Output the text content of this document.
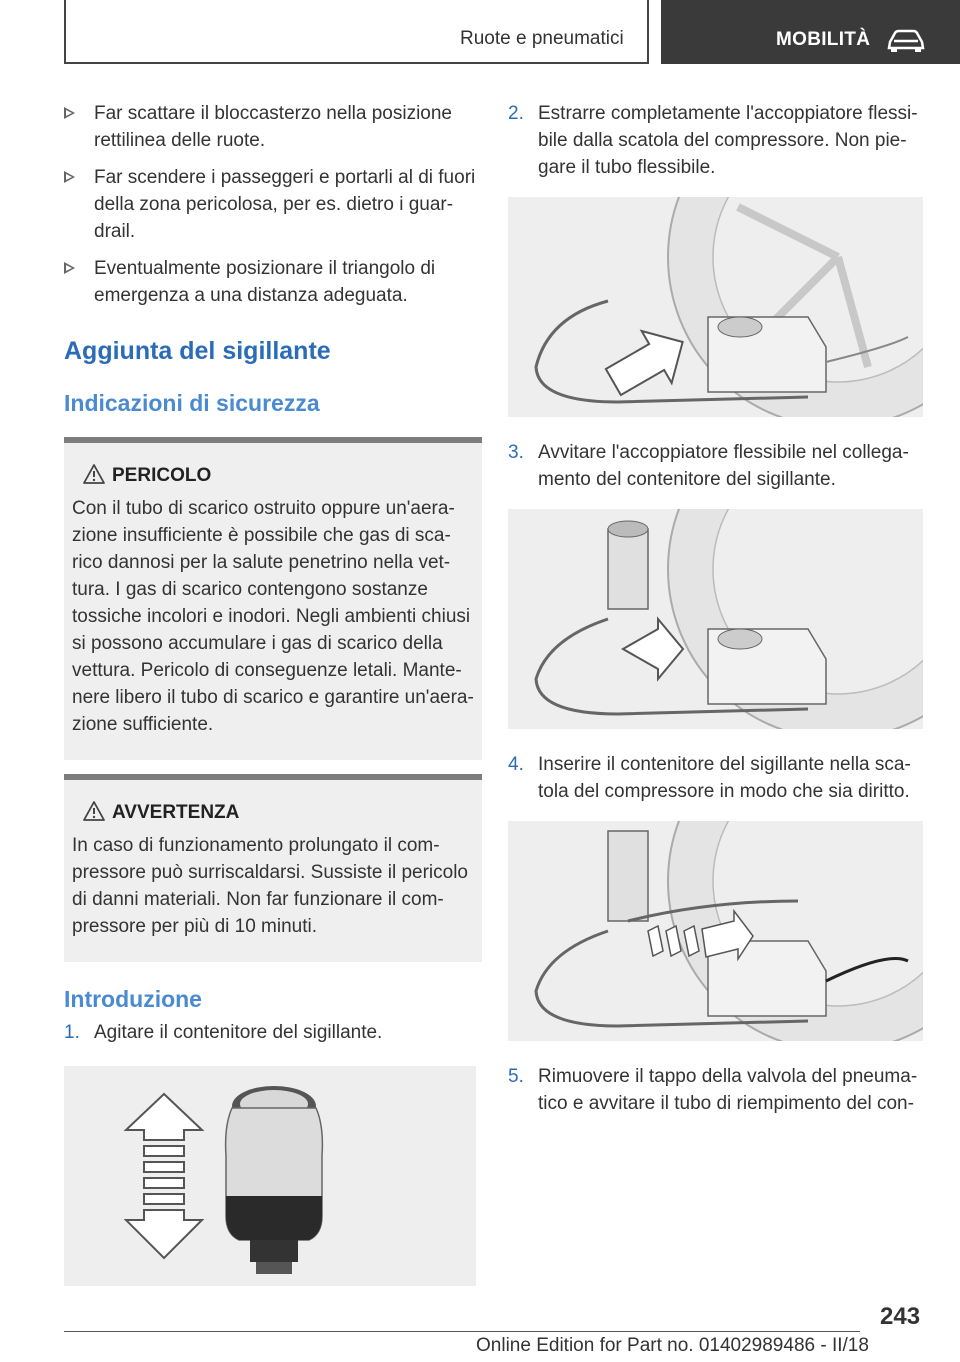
Ruote e pneumatici	MOBILITÀ
Far scattare il bloccasterzo nella posizione rettilinea delle ruote.
Far scendere i passeggeri e portarli al di fuori della zona pericolosa, per es. dietro i guar-drail.
Eventualmente posizionare il triangolo di emergenza a una distanza adeguata.
Aggiunta del sigillante
Indicazioni di sicurezza
PERICOLO
Con il tubo di scarico ostruito oppure un'aera-zione insufficiente è possibile che gas di sca-rico dannosi per la salute penetrino nella vet-tura. I gas di scarico contengono sostanze tossiche incolori e inodori. Negli ambienti chiusi si possono accumulare i gas di scarico della vettura. Pericolo di conseguenze letali. Mante-nere libero il tubo di scarico e garantire un'aera-zione sufficiente.
AVVERTENZA
In caso di funzionamento prolungato il com-pressore può surriscaldarsi. Sussiste il pericolo di danni materiali. Non far funzionare il com-pressore per più di 10 minuti.
Introduzione
1. Agitare il contenitore del sigillante.
2. Estrarre completamente l'accoppiatore flessi-bile dalla scatola del compressore. Non pie-gare il tubo flessibile.
3. Avvitare l'accoppiatore flessibile nel collega-mento del contenitore del sigillante.
4. Inserire il contenitore del sigillante nella sca-tola del compressore in modo che sia diritto.
5. Rimuovere il tappo della valvola del pneuma-tico e avvitare il tubo di riempimento del con-
243
Online Edition for Part no. 01402989486 - II/18
